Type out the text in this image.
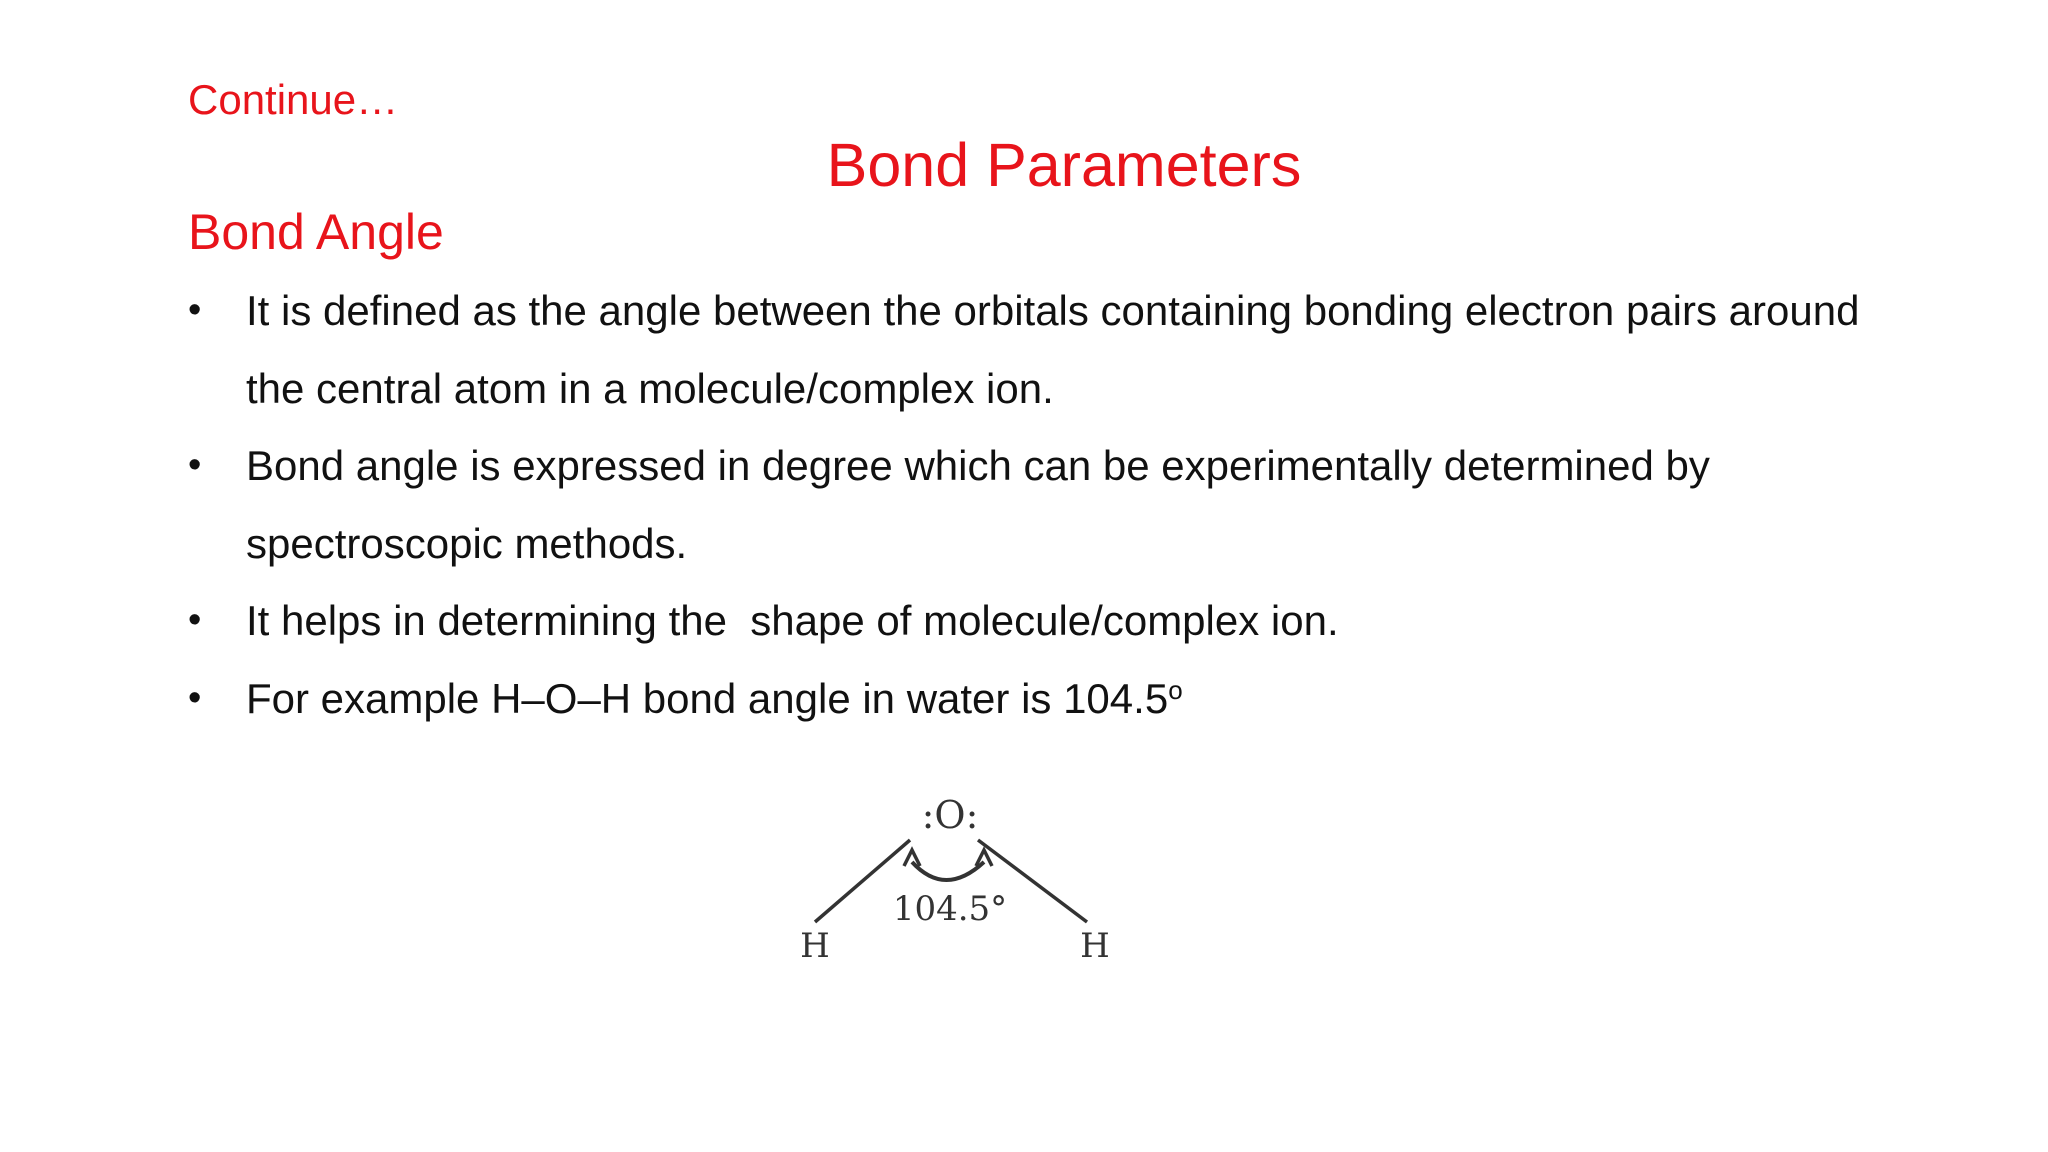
Continue…
Bond Parameters
Bond Angle
•	It is defined as the angle between the orbitals containing bonding electron pairs around the central atom in a molecule/complex ion.
•	Bond angle is expressed in degree which can be experimentally determined by spectroscopic methods.
•	It helps in determining the  shape of molecule/complex ion.
•	For example H–O–H bond angle in water is 104.5$^o$
:O:
104.5°
H	H
